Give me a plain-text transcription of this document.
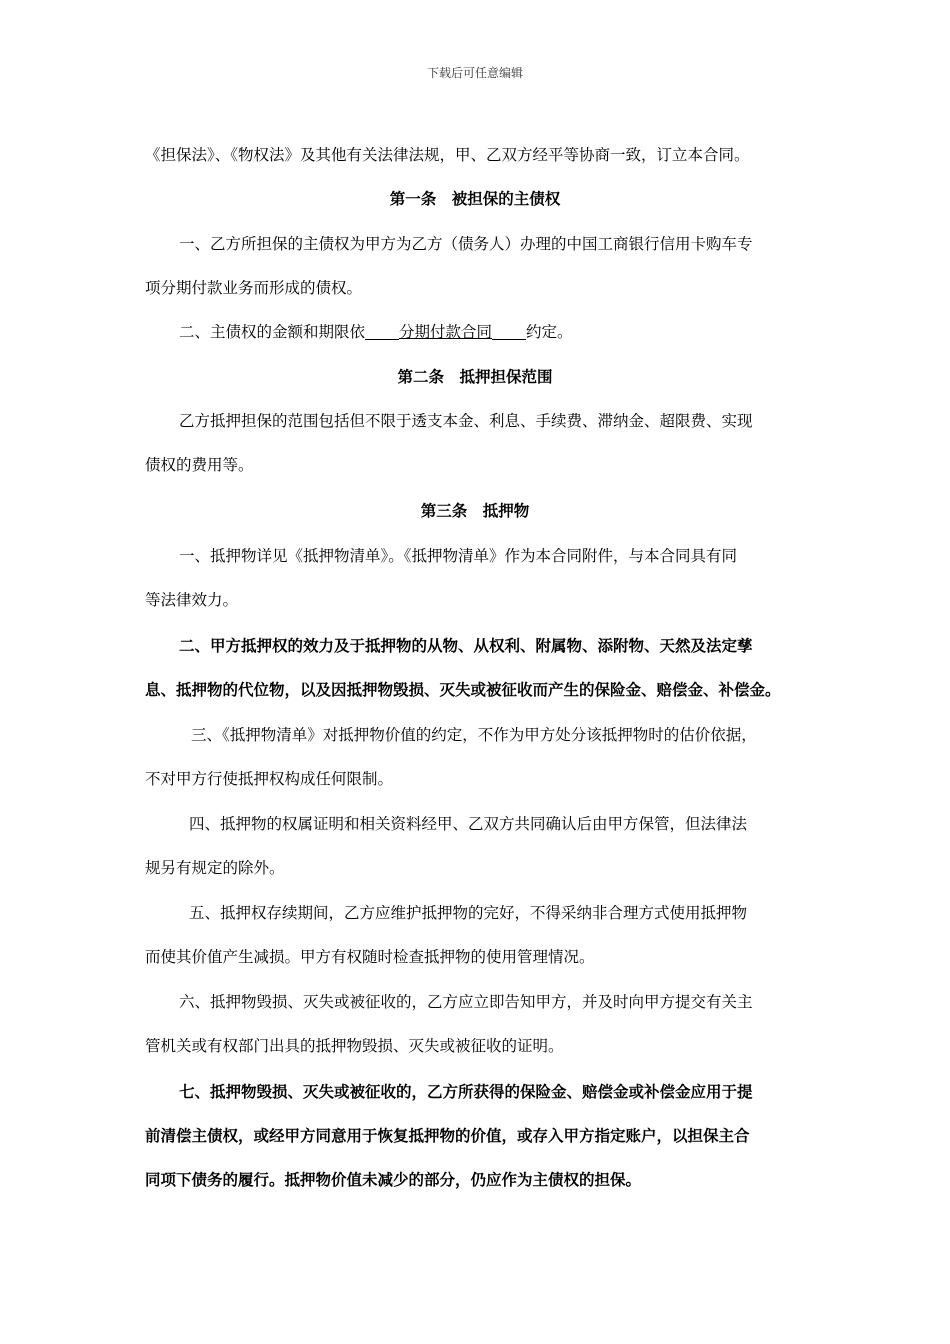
下载后可任意编辑
《担保法》、《物权法》及其他有关法律法规，甲、乙双方经平等协商一致，订立本合同。
第一条　被担保的主债权
一、乙方所担保的主债权为甲方为乙方（债务人）办理的中国工商银行信用卡购车专
项分期付款业务而形成的债权。
二、主债权的金额和期限依 分期付款合同 约定。
第二条　抵押担保范围
乙方抵押担保的范围包括但不限于透支本金、利息、手续费、滞纳金、超限费、实现
债权的费用等。
第三条　抵押物
一、抵押物详见《抵押物清单》。《抵押物清单》作为本合同附件，与本合同具有同
等法律效力。
二、甲方抵押权的效力及于抵押物的从物、从权利、附属物、添附物、天然及法定孳
息、抵押物的代位物，以及因抵押物毁损、灭失或被征收而产生的保险金、赔偿金、补偿金。
三、《抵押物清单》对抵押物价值的约定，不作为甲方处分该抵押物时的估价依据，
不对甲方行使抵押权构成任何限制。
四、抵押物的权属证明和相关资料经甲、乙双方共同确认后由甲方保管，但法律法
规另有规定的除外。
五、抵押权存续期间，乙方应维护抵押物的完好，不得采纳非合理方式使用抵押物
而使其价值产生减损。甲方有权随时检查抵押物的使用管理情况。
六、抵押物毁损、灭失或被征收的，乙方应立即告知甲方，并及时向甲方提交有关主
管机关或有权部门出具的抵押物毁损、灭失或被征收的证明。
七、抵押物毁损、灭失或被征收的，乙方所获得的保险金、赔偿金或补偿金应用于提
前清偿主债权，或经甲方同意用于恢复抵押物的价值，或存入甲方指定账户，以担保主合
同项下债务的履行。抵押物价值未减少的部分，仍应作为主债权的担保。
